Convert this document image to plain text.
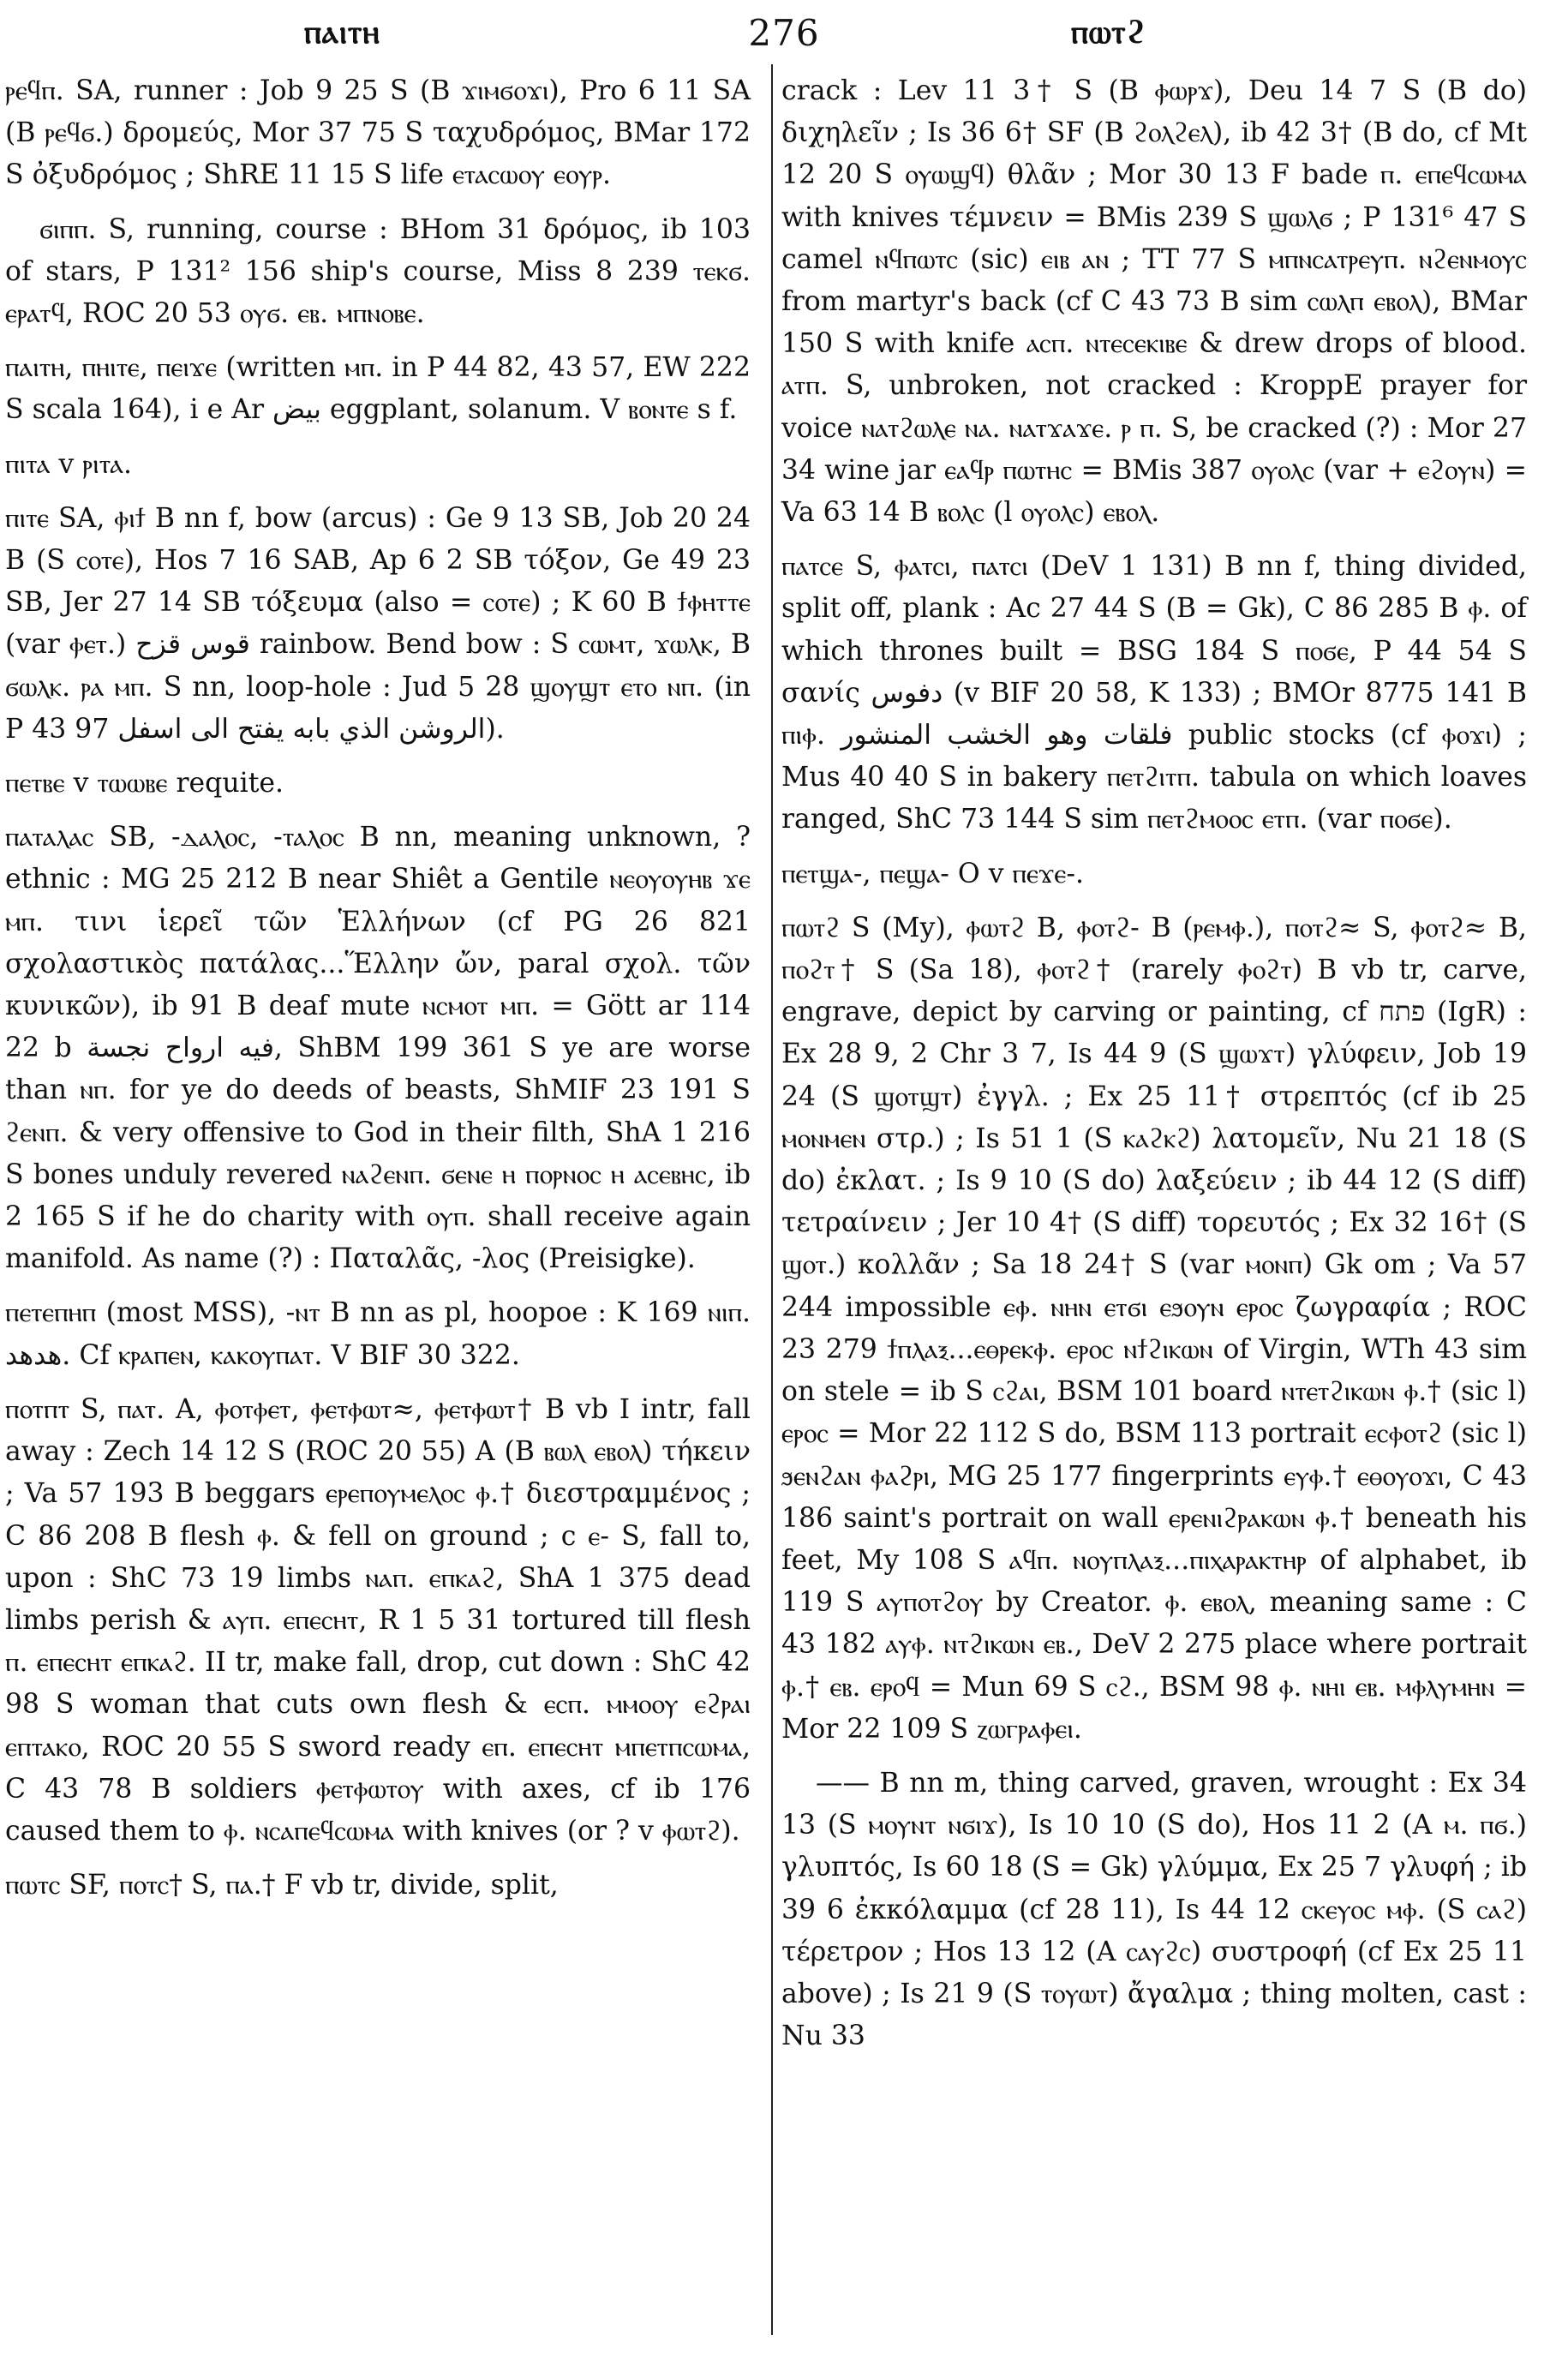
ⲡⲁⲓⲧⲏ	276	ⲡⲱⲧϩ

ⲣⲉϥⲡ. SA, runner : Job 9 25 S (B ϫⲓⲙϭⲟϫⲓ), Pro 6 11 SA (B ⲣⲉϥϭ.) δρομεύς, Mor 37 75 S ταχυδρόμος, BMar 172 S ὀξυδρόμος ; ShRE 11 15 S life ⲉⲧⲁⲥⲱⲟⲩ ⲉⲟⲩⲣ.

ϭⲓⲡⲡ. S, running, course : BHom 31 δρόμος, ib 103 of stars, P 131² 156 ship's course, Miss 8 239 ⲧⲉⲕϭ. ⲉⲣⲁⲧϥ, ROC 20 53 ⲟⲩϭ. ⲉⲃ. ⲙⲡⲛⲟⲃⲉ.

ⲡⲁⲓⲧⲏ, ⲡⲏⲓⲧⲉ, ⲡⲉⲓϫⲉ (written ⲙⲡ. in P 44 82, 43 57, EW 222 S scala 164), i e Ar بيض eggplant, solanum. V ⲃⲟⲛⲧⲉ s f.

ⲡⲓⲧⲁ v ⲣⲓⲧⲁ.

ⲡⲓⲧⲉ SA, ⲫⲓϯ B nn f, bow (arcus) : Ge 9 13 SB, Job 20 24 B (S ⲥⲟⲧⲉ), Hos 7 16 SAB, Ap 6 2 SB τόξον, Ge 49 23 SB, Jer 27 14 SB τόξευμα (also = ⲥⲟⲧⲉ) ; K 60 B ϯⲫⲏⲧⲧⲉ (var ⲫⲉⲧ.) قوس قزح rainbow. Bend bow : S ⲥⲱⲙⲧ, ϫⲱⲗⲕ, B ϭⲱⲗⲕ. ⲣⲁ ⲙⲡ. S nn, loop-hole : Jud 5 28 ϣⲟⲩϣⲧ ⲉⲧⲟ ⲛⲡ. (in P 43 97 الروشن الذي بابه يفتح الى اسفل).

ⲡⲉⲧⲃⲉ v ⲧⲱⲱⲃⲉ requite.

ⲡⲁⲧⲁⲗⲁⲥ SB, -ⲇⲁⲗⲟⲥ, -ⲧⲁⲗⲟⲥ B nn, meaning unknown, ? ethnic : MG 25 212 B near Shiêt a Gentile ⲛⲉⲟⲩⲟⲩⲏⲃ ϫⲉ ⲙⲡ. τινι ἱερεῖ τῶν Ἑλλήνων (cf PG 26 821 σχολαστικὸς πατάλας...Ἕλλην ὤν, paral σχολ. τῶν κυνικῶν), ib 91 B deaf mute ⲛⲥⲙⲟⲧ ⲙⲡ. = Gött ar 114 22 b فيه ارواح نجسة, ShBM 199 361 S ye are worse than ⲛⲡ. for ye do deeds of beasts, ShMIF 23 191 S ϩⲉⲛⲡ. & very offensive to God in their filth, ShA 1 216 S bones unduly revered ⲛⲁϩⲉⲛⲡ. ϭⲉⲛⲉ ⲏ ⲡⲟⲣⲛⲟⲥ ⲏ ⲁⲥⲉⲃⲏⲥ, ib 2 165 S if he do charity with ⲟⲩⲡ. shall receive again manifold. As name (?) : Παταλᾶς, -λος (Preisigke).

ⲡⲉⲧⲉⲡⲏⲡ (most MSS), -ⲛⲧ B nn as pl, hoopoe : K 169 ⲛⲓⲡ. هدهد. Cf ⲕⲣⲁⲡⲉⲛ, ⲕⲁⲕⲟⲩⲡⲁⲧ. V BIF 30 322.

ⲡⲟⲧⲡⲧ S, ⲡⲁⲧ. A, ⲫⲟⲧⲫⲉⲧ, ⲫⲉⲧⲫⲱⲧ≈, ⲫⲉⲧⲫⲱⲧ† B vb I intr, fall away : Zech 14 12 S (ROC 20 55) A (B ⲃⲱⲗ ⲉⲃⲟⲗ) τήκειν ; Va 57 193 B beggars ⲉⲣⲉⲡⲟⲩⲙⲉⲗⲟⲥ ⲫ.† διεστραμμένος ; C 86 208 B flesh ⲫ. & fell on ground ; c ⲉ- S, fall to, upon : ShC 73 19 limbs ⲛⲁⲡ. ⲉⲡⲕⲁϩ, ShA 1 375 dead limbs perish & ⲁⲩⲡ. ⲉⲡⲉⲥⲏⲧ, R 1 5 31 tortured till flesh ⲡ. ⲉⲡⲉⲥⲏⲧ ⲉⲡⲕⲁϩ. II tr, make fall, drop, cut down : ShC 42 98 S woman that cuts own flesh & ⲉⲥⲡ. ⲙⲙⲟⲟⲩ ⲉϩⲣⲁⲓ ⲉⲡⲧⲁⲕⲟ, ROC 20 55 S sword ready ⲉⲡ. ⲉⲡⲉⲥⲏⲧ ⲙⲡⲉⲧⲡⲥⲱⲙⲁ, C 43 78 B soldiers ⲫⲉⲧⲫⲱⲧⲟⲩ with axes, cf ib 176 caused them to ⲫ. ⲛⲥⲁⲡⲉϥⲥⲱⲙⲁ with knives (or ? v ⲫⲱⲧϩ).

ⲡⲱⲧⲥ SF, ⲡⲟⲧⲥ† S, ⲡⲁ.† F vb tr, divide, split,

crack : Lev 11 3† S (B ⲫⲱⲣϫ), Deu 14 7 S (B do) διχηλεῖν ; Is 36 6† SF (B ϩⲟⲗϩⲉⲗ), ib 42 3† (B do, cf Mt 12 20 S ⲟⲩⲱϣϥ) θλᾶν ; Mor 30 13 F bade ⲡ. ⲉⲡⲉϥⲥⲱⲙⲁ with knives τέμνειν = BMis 239 S ϣⲱⲗϭ ; P 131⁶ 47 S camel ⲛϥⲡⲱⲧⲥ (sic) ⲉⲓⲃ ⲁⲛ ; TT 77 S ⲙⲡⲛⲥⲁⲧⲣⲉⲩⲡ. ⲛϩⲉⲛⲙⲟⲩⲥ from martyr's back (cf C 43 73 B sim ⲥⲱⲗⲡ ⲉⲃⲟⲗ), BMar 150 S with knife ⲁⲥⲡ. ⲛⲧⲉⲥⲉⲕⲓⲃⲉ & drew drops of blood. ⲁⲧⲡ. S, unbroken, not cracked : KroppE prayer for voice ⲛⲁⲧϩⲱⲗⲉ ⲛⲁ. ⲛⲁⲧϫⲁϫⲉ. ⲣ ⲡ. S, be cracked (?) : Mor 27 34 wine jar ⲉⲁϥⲣ ⲡⲱⲧⲏⲥ = BMis 387 ⲟⲩⲟⲗⲥ (var + ⲉϩⲟⲩⲛ) = Va 63 14 B ⲃⲟⲗⲥ (l ⲟⲩⲟⲗⲥ) ⲉⲃⲟⲗ.

ⲡⲁⲧⲥⲉ S, ⲫⲁⲧⲥⲓ, ⲡⲁⲧⲥⲓ (DeV 1 131) B nn f, thing divided, split off, plank : Ac 27 44 S (B = Gk), C 86 285 B ⲫ. of which thrones built = BSG 184 S ⲡⲟϭⲉ, P 44 54 S σανίς دفوس (v BIF 20 58, K 133) ; BMOr 8775 141 B ⲡⲓⲫ. فلقات وهو الخشب المنشور public stocks (cf ⲫⲟϫⲓ) ; Mus 40 40 S in bakery ⲡⲉⲧϩⲓⲧⲡ. tabula on which loaves ranged, ShC 73 144 S sim ⲡⲉⲧϩⲙⲟⲟⲥ ⲉⲧⲡ. (var ⲡⲟϭⲉ).

ⲡⲉⲧϣⲁ-, ⲡⲉϣⲁ- O v ⲡⲉϫⲉ-.

ⲡⲱⲧϩ S (My), ⲫⲱⲧϩ B, ⲫⲟⲧϩ- B (ⲣⲉⲙⲫ.), ⲡⲟⲧϩ≈ S, ⲫⲟⲧϩ≈ B, ⲡⲟϩⲧ† S (Sa 18), ⲫⲟⲧϩ† (rarely ⲫⲟϩⲧ) B vb tr, carve, engrave, depict by carving or painting, cf פתח (IgR) : Ex 28 9, 2 Chr 3 7, Is 44 9 (S ϣⲱϫⲧ) γλύφειν, Job 19 24 (S ϣⲟⲧϣⲧ) ἐγγλ. ; Ex 25 11† στρεπτός (cf ib 25 ⲙⲟⲛⲙⲉⲛ στρ.) ; Is 51 1 (S ⲕⲁϩⲕϩ) λατομεῖν, Nu 21 18 (S do) ἐκλατ. ; Is 9 10 (S do) λαξεύειν ; ib 44 12 (S diff) τετραίνειν ; Jer 10 4† (S diff) τορευτός ; Ex 32 16† (S ϣⲟⲧ.) κολλᾶν ; Sa 18 24† S (var ⲙⲟⲛⲡ) Gk om ; Va 57 244 impossible ⲉⲫ. ⲛⲏⲛ ⲉⲧϭⲓ ⲉϧⲟⲩⲛ ⲉⲣⲟⲥ ζωγραφία ; ROC 23 279 ϯⲡⲗⲁⲝ...ⲉⲑⲣⲉⲕⲫ. ⲉⲣⲟⲥ ⲛϯϩⲓⲕⲱⲛ of Virgin, WTh 43 sim on stele = ib S ⲥϩⲁⲓ, BSM 101 board ⲛⲧⲉⲧϩⲓⲕⲱⲛ ⲫ.† (sic l) ⲉⲣⲟⲥ = Mor 22 112 S do, BSM 113 portrait ⲉⲥⲫⲟⲧϩ (sic l) ϧⲉⲛϩⲁⲛ ⲫⲁϩⲣⲓ, MG 25 177 fingerprints ⲉⲩⲫ.† ⲉⲑⲟⲩⲟϫⲓ, C 43 186 saint's portrait on wall ⲉⲣⲉⲛⲓϩⲣⲁⲕⲱⲛ ⲫ.† beneath his feet, My 108 S ⲁϥⲡ. ⲛⲟⲩⲡⲗⲁⲝ...ⲡⲓⲭⲁⲣⲁⲕⲧⲏⲣ of alphabet, ib 119 S ⲁⲩⲡⲟⲧϩⲟⲩ by Creator. ⲫ. ⲉⲃⲟⲗ, meaning same : C 43 182 ⲁⲩⲫ. ⲛⲧϩⲓⲕⲱⲛ ⲉⲃ., DeV 2 275 place where portrait ⲫ.† ⲉⲃ. ⲉⲣⲟϥ = Mun 69 S ⲥϩ., BSM 98 ⲫ. ⲛⲏⲓ ⲉⲃ. ⲙⲫⲗⲩⲙⲏⲛ = Mor 22 109 S ⲍⲱⲅⲣⲁⲫⲉⲓ.

—— B nn m, thing carved, graven, wrought : Ex 34 13 (S ⲙⲟⲩⲛⲧ ⲛϭⲓϫ), Is 10 10 (S do), Hos 11 2 (A ⲙ. ⲡϭ.) γλυπτός, Is 60 18 (S = Gk) γλύμμα, Ex 25 7 γλυφή ; ib 39 6 ἐκκόλαμμα (cf 28 11), Is 44 12 ⲥⲕⲉⲩⲟⲥ ⲙⲫ. (S ⲥⲁϩ) τέρετρον ; Hos 13 12 (A ⲥⲁⲩϩⲥ) συστροφή (cf Ex 25 11 above) ; Is 21 9 (S ⲧⲟⲩⲱⲧ) ἄγαλμα ; thing molten, cast : Nu 33
